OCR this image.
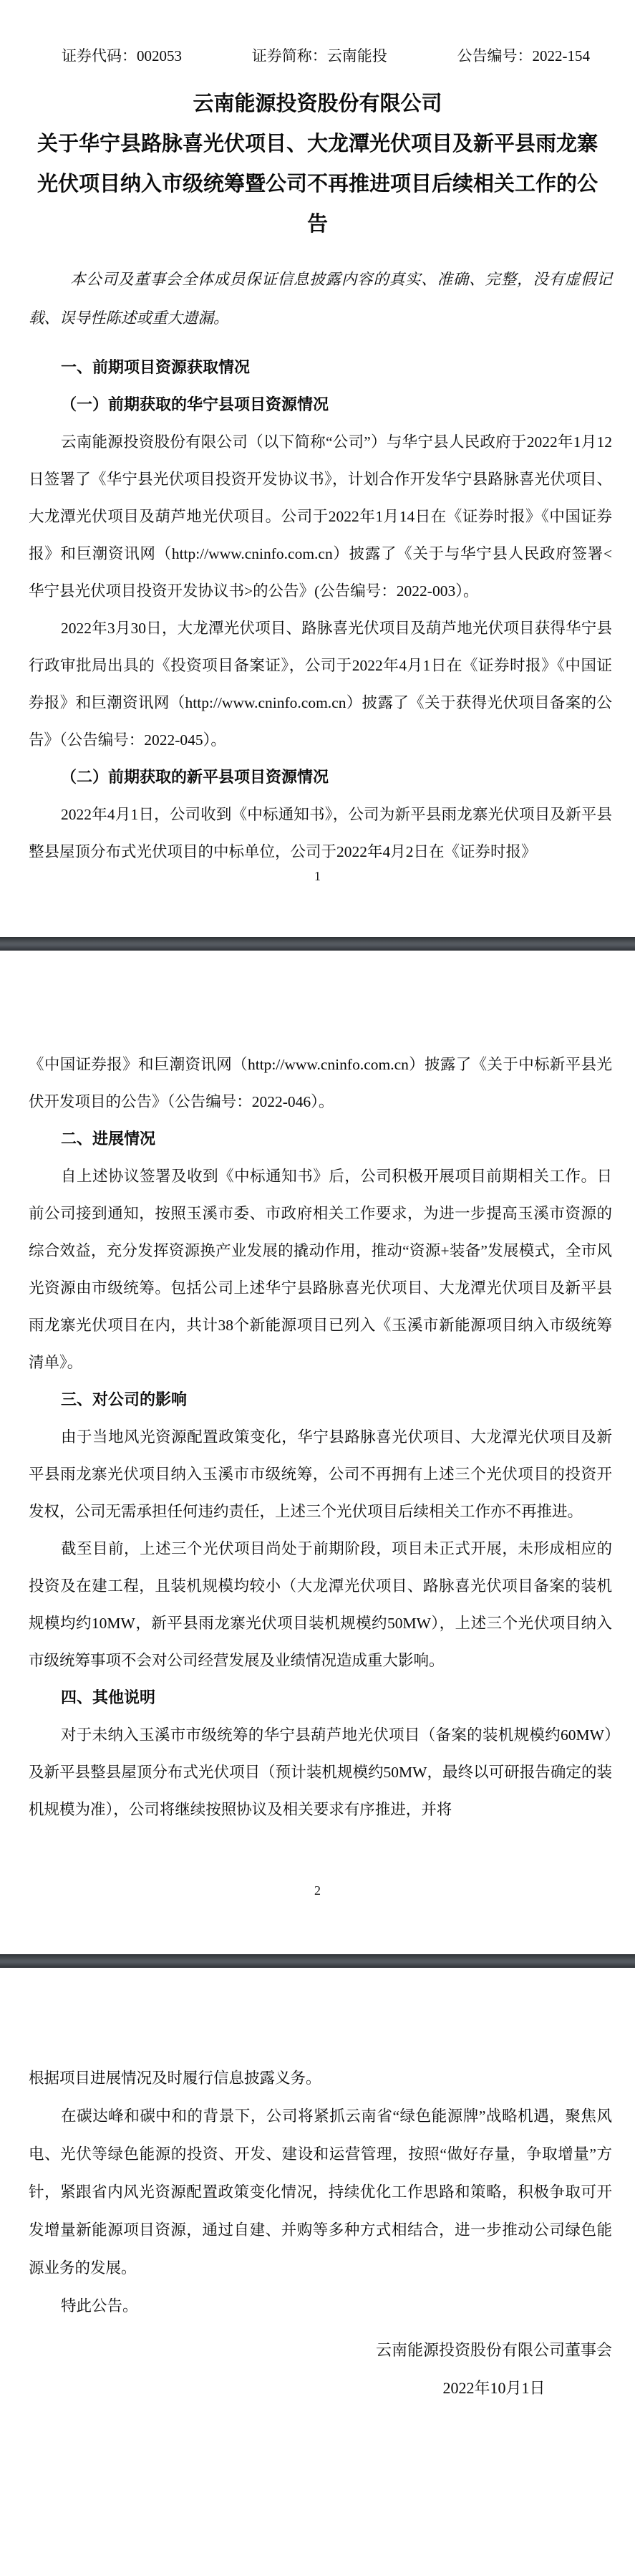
证券代码：002053	证券简称：云南能投	公告编号：2022-154
云南能源投资股份有限公司
关于华宁县路脉喜光伏项目、大龙潭光伏项目及新平县雨龙寨光伏项目纳入市级统筹暨公司不再推进项目后续相关工作的公告

本公司及董事会全体成员保证信息披露内容的真实、准确、完整，没有虚假记载、误导性陈述或重大遗漏。

一、前期项目资源获取情况
（一）前期获取的华宁县项目资源情况

云南能源投资股份有限公司（以下简称“公司”）与华宁县人民政府于2022年1月12日签署了《华宁县光伏项目投资开发协议书》，计划合作开发华宁县路脉喜光伏项目、大龙潭光伏项目及葫芦地光伏项目。公司于2022年1月14日在《证券时报》《中国证券报》和巨潮资讯网（http://www.cninfo.com.cn）披露了《关于与华宁县人民政府签署<华宁县光伏项目投资开发协议书>的公告》(公告编号：2022-003）。

2022年3月30日，大龙潭光伏项目、路脉喜光伏项目及葫芦地光伏项目获得华宁县行政审批局出具的《投资项目备案证》，公司于2022年4月1日在《证券时报》《中国证券报》和巨潮资讯网（http://www.cninfo.com.cn）披露了《关于获得光伏项目备案的公告》（公告编号：2022-045）。

（二）前期获取的新平县项目资源情况

2022年4月1日，公司收到《中标通知书》，公司为新平县雨龙寨光伏项目及新平县整县屋顶分布式光伏项目的中标单位，公司于2022年4月2日在《证券时报》

1

《中国证券报》和巨潮资讯网（http://www.cninfo.com.cn）披露了《关于中标新平县光伏开发项目的公告》（公告编号：2022-046）。

二、进展情况

自上述协议签署及收到《中标通知书》后，公司积极开展项目前期相关工作。日前公司接到通知，按照玉溪市委、市政府相关工作要求，为进一步提高玉溪市资源的综合效益，充分发挥资源换产业发展的撬动作用，推动“资源+装备”发展模式，全市风光资源由市级统筹。包括公司上述华宁县路脉喜光伏项目、大龙潭光伏项目及新平县雨龙寨光伏项目在内，共计38个新能源项目已列入《玉溪市新能源项目纳入市级统筹清单》。

三、对公司的影响

由于当地风光资源配置政策变化，华宁县路脉喜光伏项目、大龙潭光伏项目及新平县雨龙寨光伏项目纳入玉溪市市级统筹，公司不再拥有上述三个光伏项目的投资开发权，公司无需承担任何违约责任，上述三个光伏项目后续相关工作亦不再推进。

截至目前，上述三个光伏项目尚处于前期阶段，项目未正式开展，未形成相应的投资及在建工程，且装机规模均较小（大龙潭光伏项目、路脉喜光伏项目备案的装机规模均约10MW，新平县雨龙寨光伏项目装机规模约50MW），上述三个光伏项目纳入市级统筹事项不会对公司经营发展及业绩情况造成重大影响。

四、其他说明

对于未纳入玉溪市市级统筹的华宁县葫芦地光伏项目（备案的装机规模约60MW）及新平县整县屋顶分布式光伏项目（预计装机规模约50MW，最终以可研报告确定的装机规模为准），公司将继续按照协议及相关要求有序推进，并将

2

根据项目进展情况及时履行信息披露义务。

在碳达峰和碳中和的背景下，公司将紧抓云南省“绿色能源牌”战略机遇，聚焦风电、光伏等绿色能源的投资、开发、建设和运营管理，按照“做好存量，争取增量”方针，紧跟省内风光资源配置政策变化情况，持续优化工作思路和策略，积极争取可开发增量新能源项目资源，通过自建、并购等多种方式相结合，进一步推动公司绿色能源业务的发展。

特此公告。

云南能源投资股份有限公司董事会
2022年10月1日
